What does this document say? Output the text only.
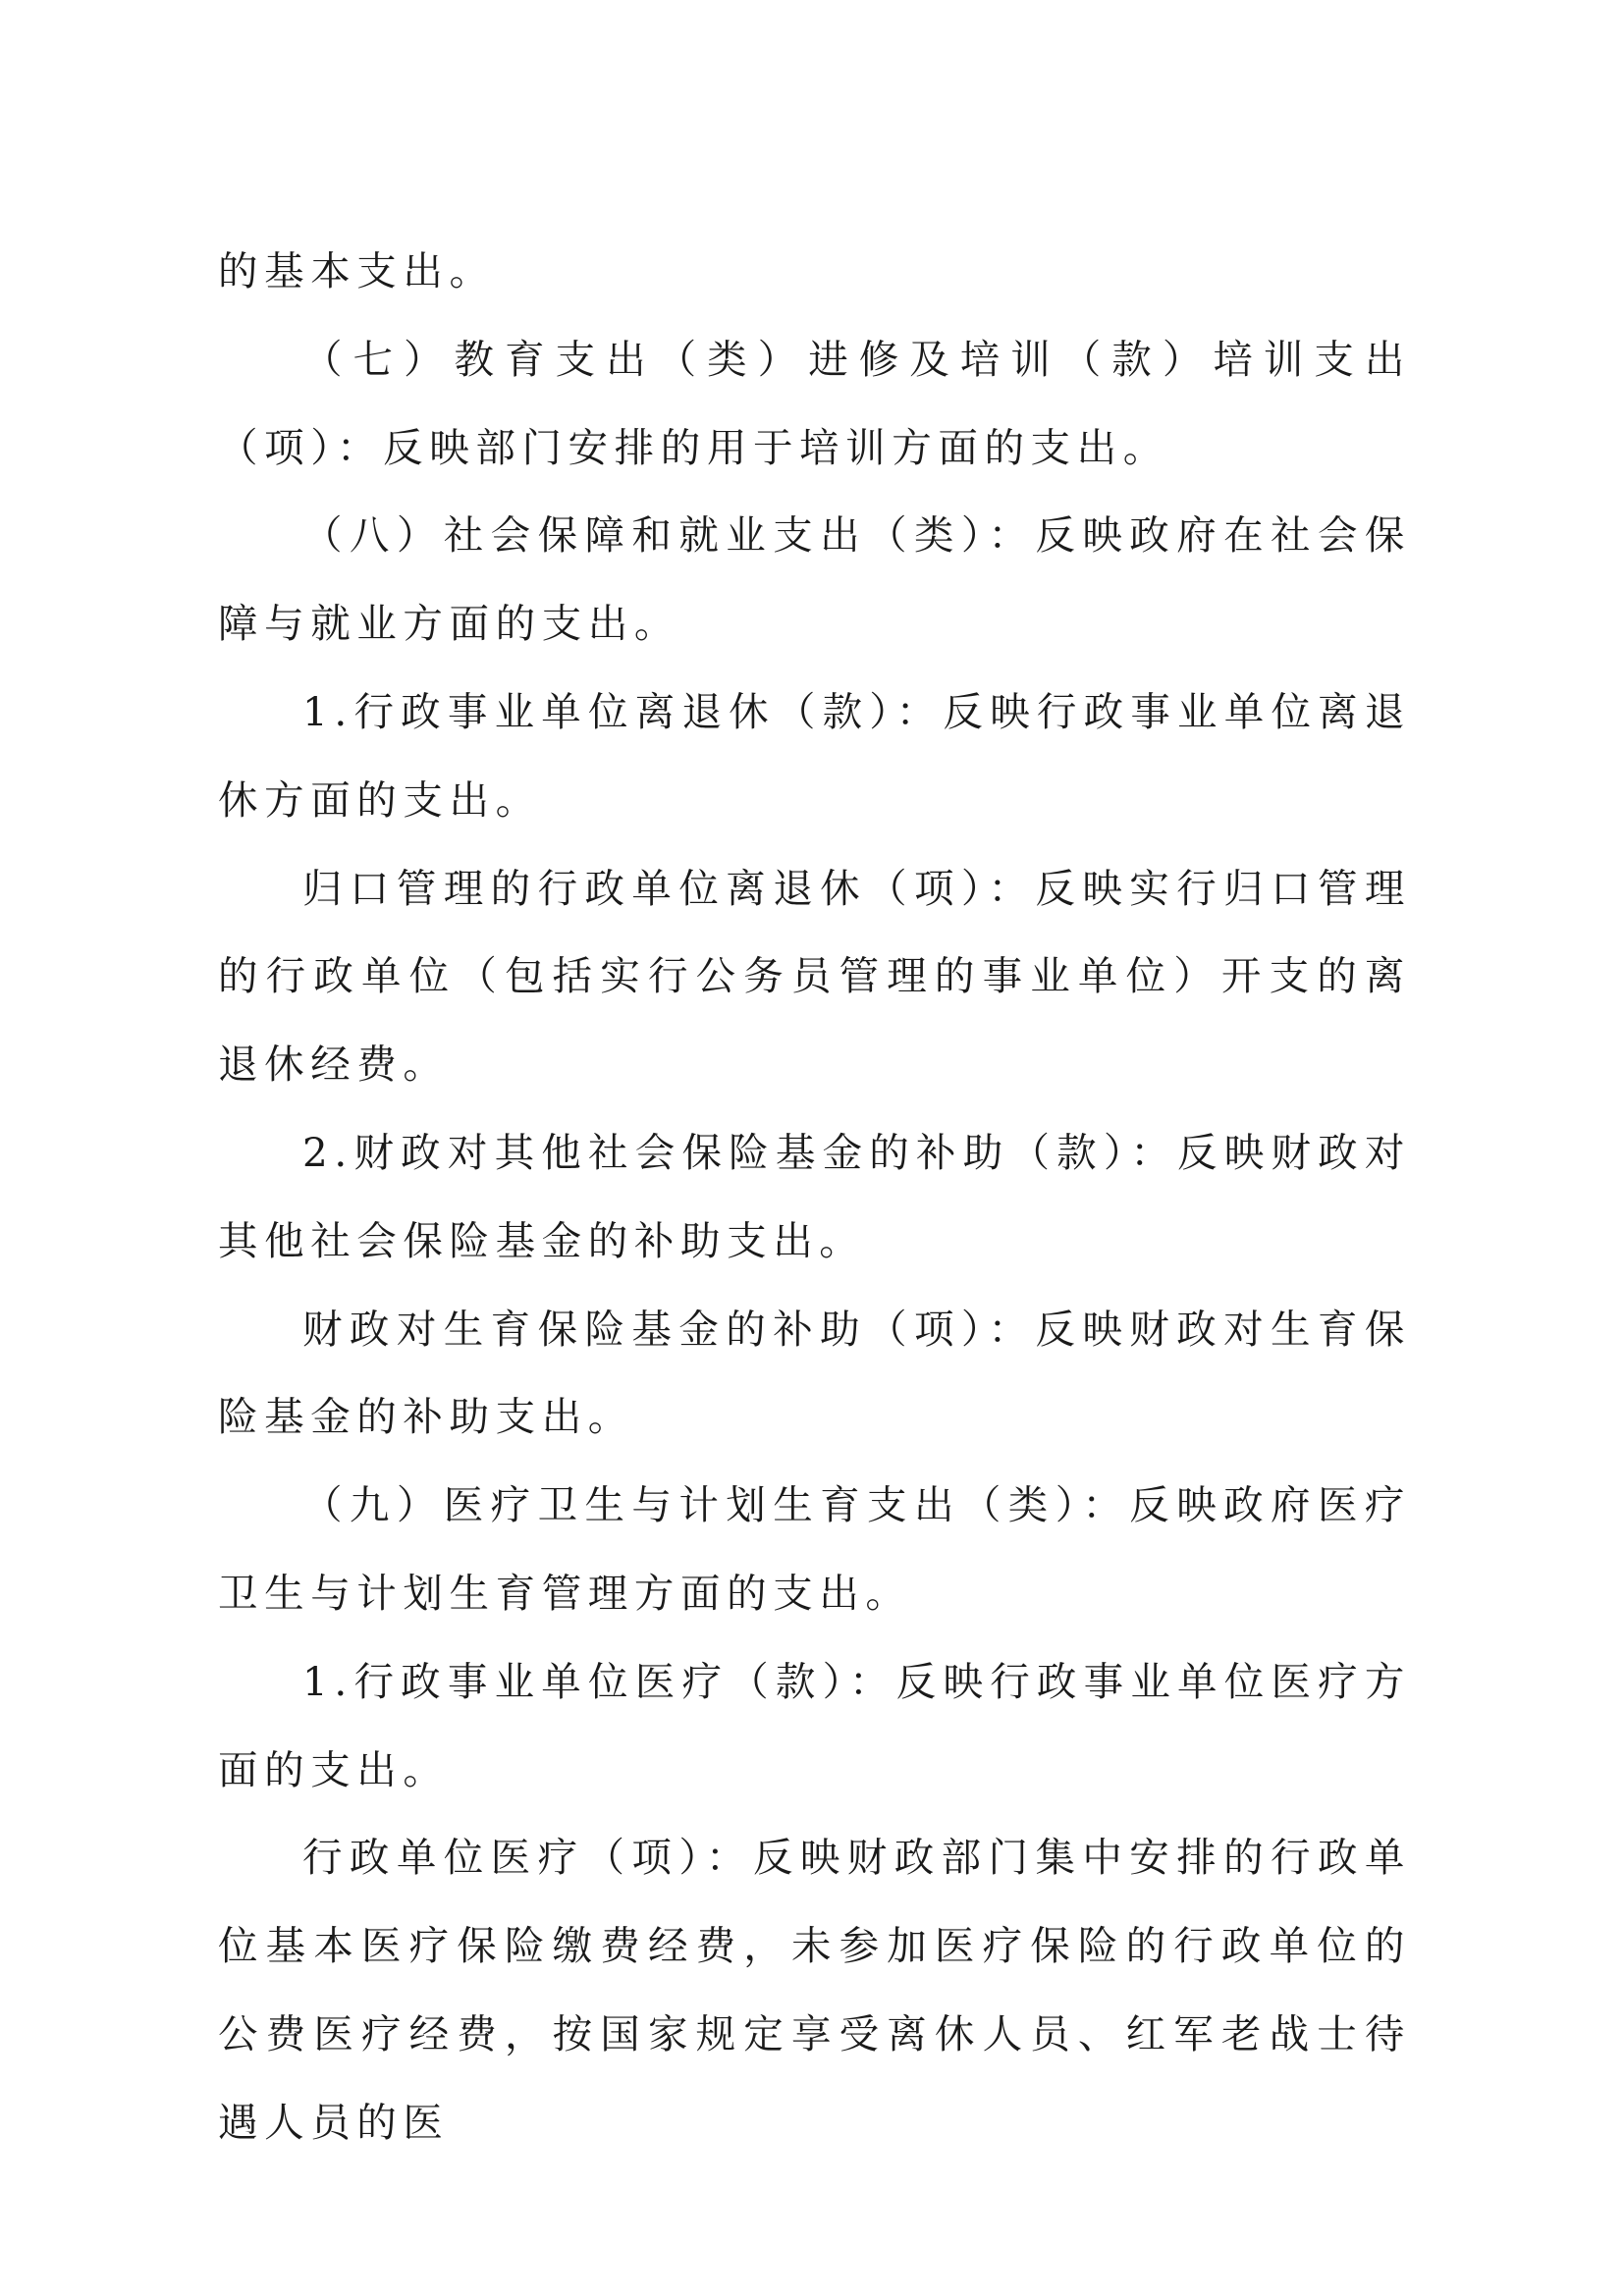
的基本支出。

（七）教育支出（类）进修及培训（款）培训支出（项）：反映部门安排的用于培训方面的支出。

（八）社会保障和就业支出（类）：反映政府在社会保障与就业方面的支出。

1.行政事业单位离退休（款）：反映行政事业单位离退休方面的支出。

归口管理的行政单位离退休（项）：反映实行归口管理的行政单位（包括实行公务员管理的事业单位）开支的离退休经费。

2.财政对其他社会保险基金的补助（款）：反映财政对其他社会保险基金的补助支出。

财政对生育保险基金的补助（项）：反映财政对生育保险基金的补助支出。

（九）医疗卫生与计划生育支出（类）：反映政府医疗卫生与计划生育管理方面的支出。

1.行政事业单位医疗（款）：反映行政事业单位医疗方面的支出。

行政单位医疗（项）：反映财政部门集中安排的行政单位基本医疗保险缴费经费，未参加医疗保险的行政单位的公费医疗经费，按国家规定享受离休人员、红军老战士待遇人员的医
